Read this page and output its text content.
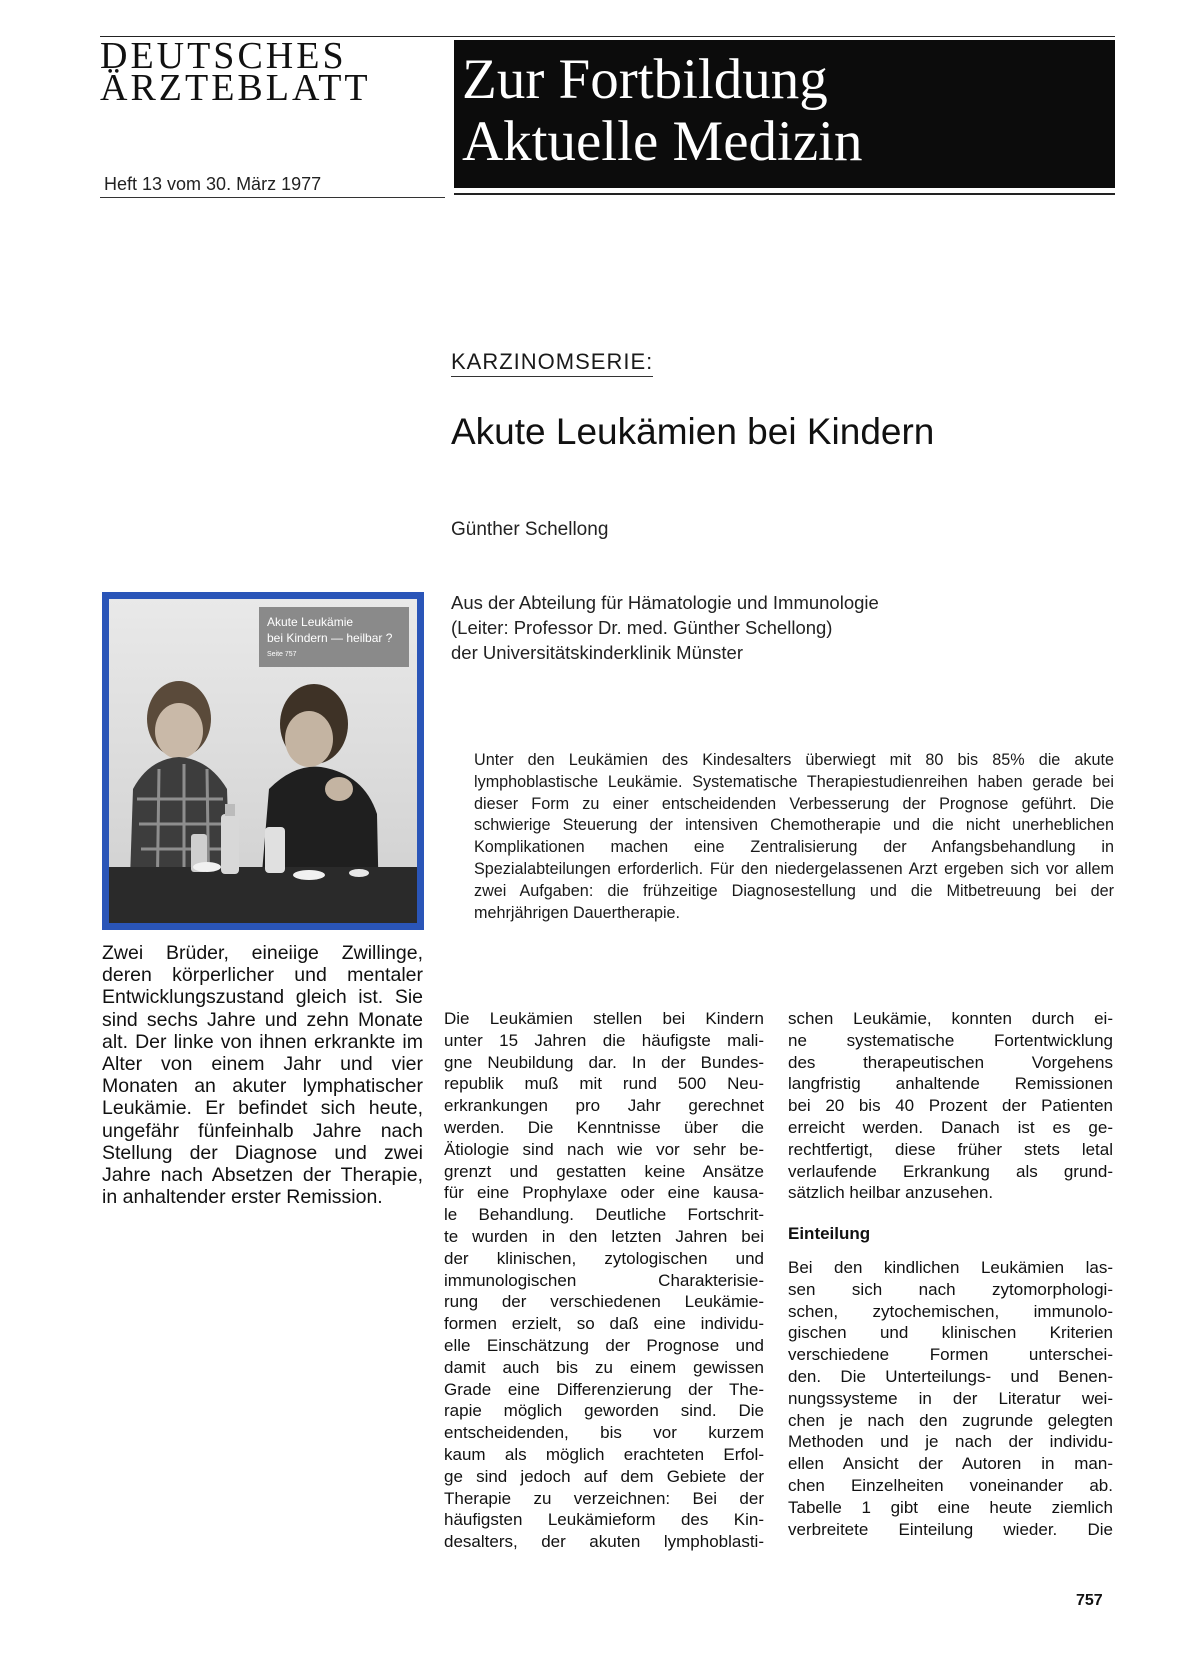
DEUTSCHES
ÄRZTEBLATT
Heft 13 vom 30. März 1977
Zur Fortbildung
Aktuelle Medizin
KARZINOMSERIE:
Akute Leukämien bei Kindern
Günther Schellong
Aus der Abteilung für Hämatologie und Immunologie
(Leiter: Professor Dr. med. Günther Schellong)
der Universitätskinderklinik Münster
Akute Leukämie
bei Kindern — heilbar ?
Seite 757
Zwei Brüder, eineiige Zwillinge, deren körperlicher und mentaler Entwicklungszustand gleich ist. Sie sind sechs Jahre und zehn Monate alt. Der linke von ihnen erkrankte im Alter von einem Jahr und vier Monaten an akuter lymphatischer Leukämie. Er befindet sich heute, ungefähr fünfeinhalb Jahre nach Stellung der Diagnose und zwei Jahre nach Absetzen der Therapie, in anhaltender erster Remission.
Unter den Leukämien des Kindesalters überwiegt mit 80 bis 85% die akute lymphoblastische Leukämie. Systematische Therapiestudienreihen haben gerade bei dieser Form zu einer entscheidenden Verbesserung der Prognose geführt. Die schwierige Steuerung der intensiven Chemotherapie und die nicht unerheblichen Komplikationen machen eine Zentralisierung der Anfangsbehandlung in Spezialabteilungen erforderlich. Für den niedergelassenen Arzt ergeben sich vor allem zwei Aufgaben: die frühzeitige Diagnosestellung und die Mitbetreuung bei der mehrjährigen Dauertherapie.
Die Leukämien stellen bei Kindern
unter 15 Jahren die häufigste mali-
gne Neubildung dar. In der Bundes-
republik muß mit rund 500 Neu-
erkrankungen pro Jahr gerechnet
werden. Die Kenntnisse über die
Ätiologie sind nach wie vor sehr be-
grenzt und gestatten keine Ansätze
für eine Prophylaxe oder eine kausa-
le Behandlung. Deutliche Fortschrit-
te wurden in den letzten Jahren bei
der klinischen, zytologischen und
immunologischen Charakterisie-
rung der verschiedenen Leukämie-
formen erzielt, so daß eine individu-
elle Einschätzung der Prognose und
damit auch bis zu einem gewissen
Grade eine Differenzierung der The-
rapie möglich geworden sind. Die
entscheidenden, bis vor kurzem
kaum als möglich erachteten Erfol-
ge sind jedoch auf dem Gebiete der
Therapie zu verzeichnen: Bei der
häufigsten Leukämieform des Kin-
desalters, der akuten lymphoblasti-
schen Leukämie, konnten durch ei-
ne systematische Fortentwicklung
des therapeutischen Vorgehens
langfristig anhaltende Remissionen
bei 20 bis 40 Prozent der Patienten
erreicht werden. Danach ist es ge-
rechtfertigt, diese früher stets letal
verlaufende Erkrankung als grund-
sätzlich heilbar anzusehen.
Einteilung
Bei den kindlichen Leukämien las-
sen sich nach zytomorphologi-
schen, zytochemischen, immunolo-
gischen und klinischen Kriterien
verschiedene Formen unterschei-
den. Die Unterteilungs- und Benen-
nungssysteme in der Literatur wei-
chen je nach den zugrunde gelegten
Methoden und je nach der individu-
ellen Ansicht der Autoren in man-
chen Einzelheiten voneinander ab.
Tabelle 1 gibt eine heute ziemlich
verbreitete Einteilung wieder. Die
757
